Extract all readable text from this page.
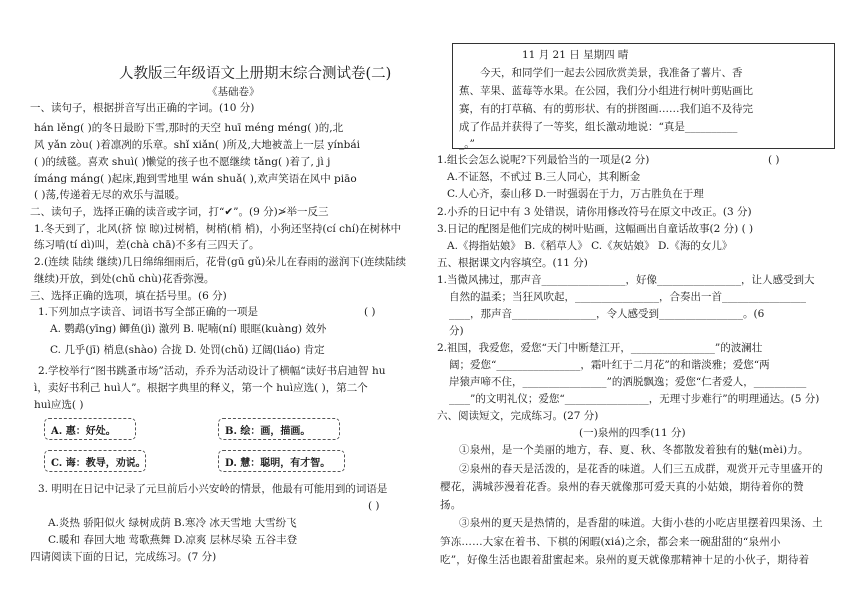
人教版三年级语文上册期末综合测试卷(二)
《基础卷》
一、读句子，根据拼音写出正确的字词。(10 分)
hán lěng( )的冬日最盼下雪,那时的天空 huī méng méng( )的,北
风 yǎn zòu( )着凛冽的乐章。shǐ xiǎn( )所及,大地被盖上一层 yínbái
( )的绒毯。喜欢 shuì( )懒觉的孩子也不愿继续 tǎng( )着了, jì j
ímáng máng( )起床,跑到雪地里 wán shuǎ( ),欢声笑语在风中 piāo
( )荡,传递着无尽的欢乐与温暖。
二、读句子，选择正确的读音或字词，打“✔”。(9 分)≯举一反三
1.冬天到了，北风(挤 惊 晾)过树梢，树梢(梢 梢)，小狗还坚持(cí chí)在树林中
练习啃(tí dì)叫，差(chà chā)不多有三四天了。
2.(连续 陆续 继续)几日绵绵细雨后，花骨(gū gǔ)朵儿在春雨的滋润下(连续陆续
继续)开放，到处(chǔ chù)花香弥漫。
三、选择正确的选项，填在括号里。(6 分)
1.下列加点字读音、词语书写全部正确的一项是	( )
A. 鹦鹉(yīng) 鲫鱼(jì) 激列 B. 呢喃(ní) 眼眶(kuàng) 效外
C. 几乎(jī) 梢息(shào) 合拢 D. 处罚(chǔ) 辽阔(liáo) 肯定
2.学校举行“图书跳蚤市场”活动，乔乔为活动设计了横幅“读好书启迪智 hu
ì，卖好书利己 huì人”。根据字典里的释义，第一个 huì应选( )，第二个
huì应选( )
A. 惠：好处。	B. 绘：画，描画。
C. 诲：教导，劝说。	D. 慧：聪明，有才智。
3. 明明在日记中记录了元旦前后小兴安岭的情景，他最有可能用到的词语是
( )
A.炎热 骄阳似火 绿树成荫 B.寒冷 冰天雪地 大雪纷飞
C.暖和 春回大地 莺歌燕舞 D.凉爽 层林尽染 五谷丰登
四请阅读下面的日记，完成练习。(7 分)
11 月 21 日 星期四 晴
今天，和同学们一起去公园欣赏美景，我准备了薯片、香
蕉、苹果、蓝莓等水果。在公园，我们分小组进行树叶剪贴画比
赛，有的打草稿、有的剪形状、有的拼图画……我们追不及待完
成了作品并获得了一等奖，组长激动地说：“真是__________
_。”
1.组长会怎么说呢?下列最恰当的一项是(2 分)	( )
A.不证怒，不甙过 B.三人同心，其利断金
C.人心齐，泰山移 D.一时强弱在于力，万古胜负在于理
2.小乔的日记中有 3 处错误，请你用修改符号在原文中改正。(3 分)
3.日记的配图是他们完成的树叶贴画，这幅画出自童话故事(2 分) ( )
A.《拇指姑娘》 B.《稻草人》 C.《灰姑娘》 D.《海的女儿》
五、根据课文内容填空。(11 分)
1.当微风拂过，那声音________________，好像________________，让人感受到大
自然的温柔；当狂风吹起，________________，合奏出一首________________
____，那声音________________，令人感受到________________。(6
分)
2.祖国，我爱您，爱您“天门中断楚江开，________________”的波澜壮
阔；爱您“________________，霜叶红于二月花”的和谐淡雅；爱您“两
岸猿声啼不住，________________”的洒脱飘逸；爱您“仁者爱人，__________
____”的文明礼仪；爱您“________________，无理寸步难行”的明理通达。(5 分)
六、阅读短文，完成练习。(27 分)
(一)泉州的四季(11 分)
①泉州，是一个美丽的地方，春、夏、秋、冬都散发着独有的魅(mèi)力。
②泉州的春天是活泼的，是花香的味道。人们三五成群，观赏开元寺里盛开的
樱花，满城莎漫着花香。泉州的春天就像那可爱天真的小姑娘，期待着你的赞
扬。
③泉州的夏天是热情的，是香甜的味道。大街小巷的小吃店里摆着四果汤、土
笋冻……大家在着书、下棋的闲暇(xiá)之余，都会来一碗甜甜的“泉州小
吃”，好像生活也跟着甜蜜起来。泉州的夏天就像那精神十足的小伙子，期待着
